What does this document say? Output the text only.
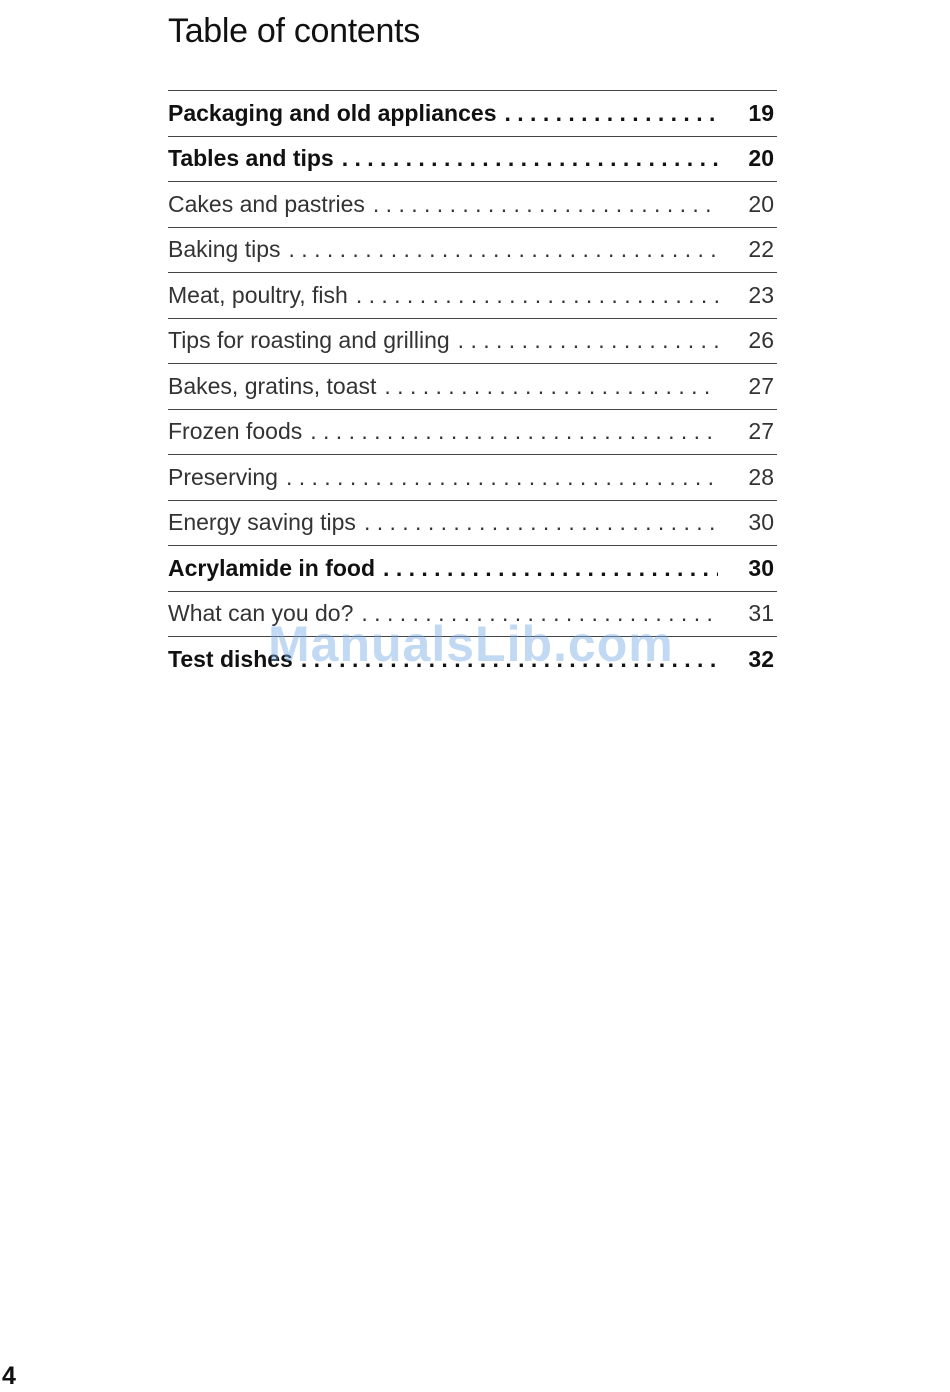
Table of contents
Packaging and old appliances . . .	19
Tables and tips . . .	20
Cakes and pastries . . .	20
Baking tips . . .	22
Meat, poultry, fish . . .	23
Tips for roasting and grilling . . .	26
Bakes, gratins, toast . . .	27
Frozen foods . . .	27
Preserving . . .	28
Energy saving tips . . .	30
Acrylamide in food . . .	30
What can you do? . . .	31
Test dishes . . .	32
ManualsLib.com
4
